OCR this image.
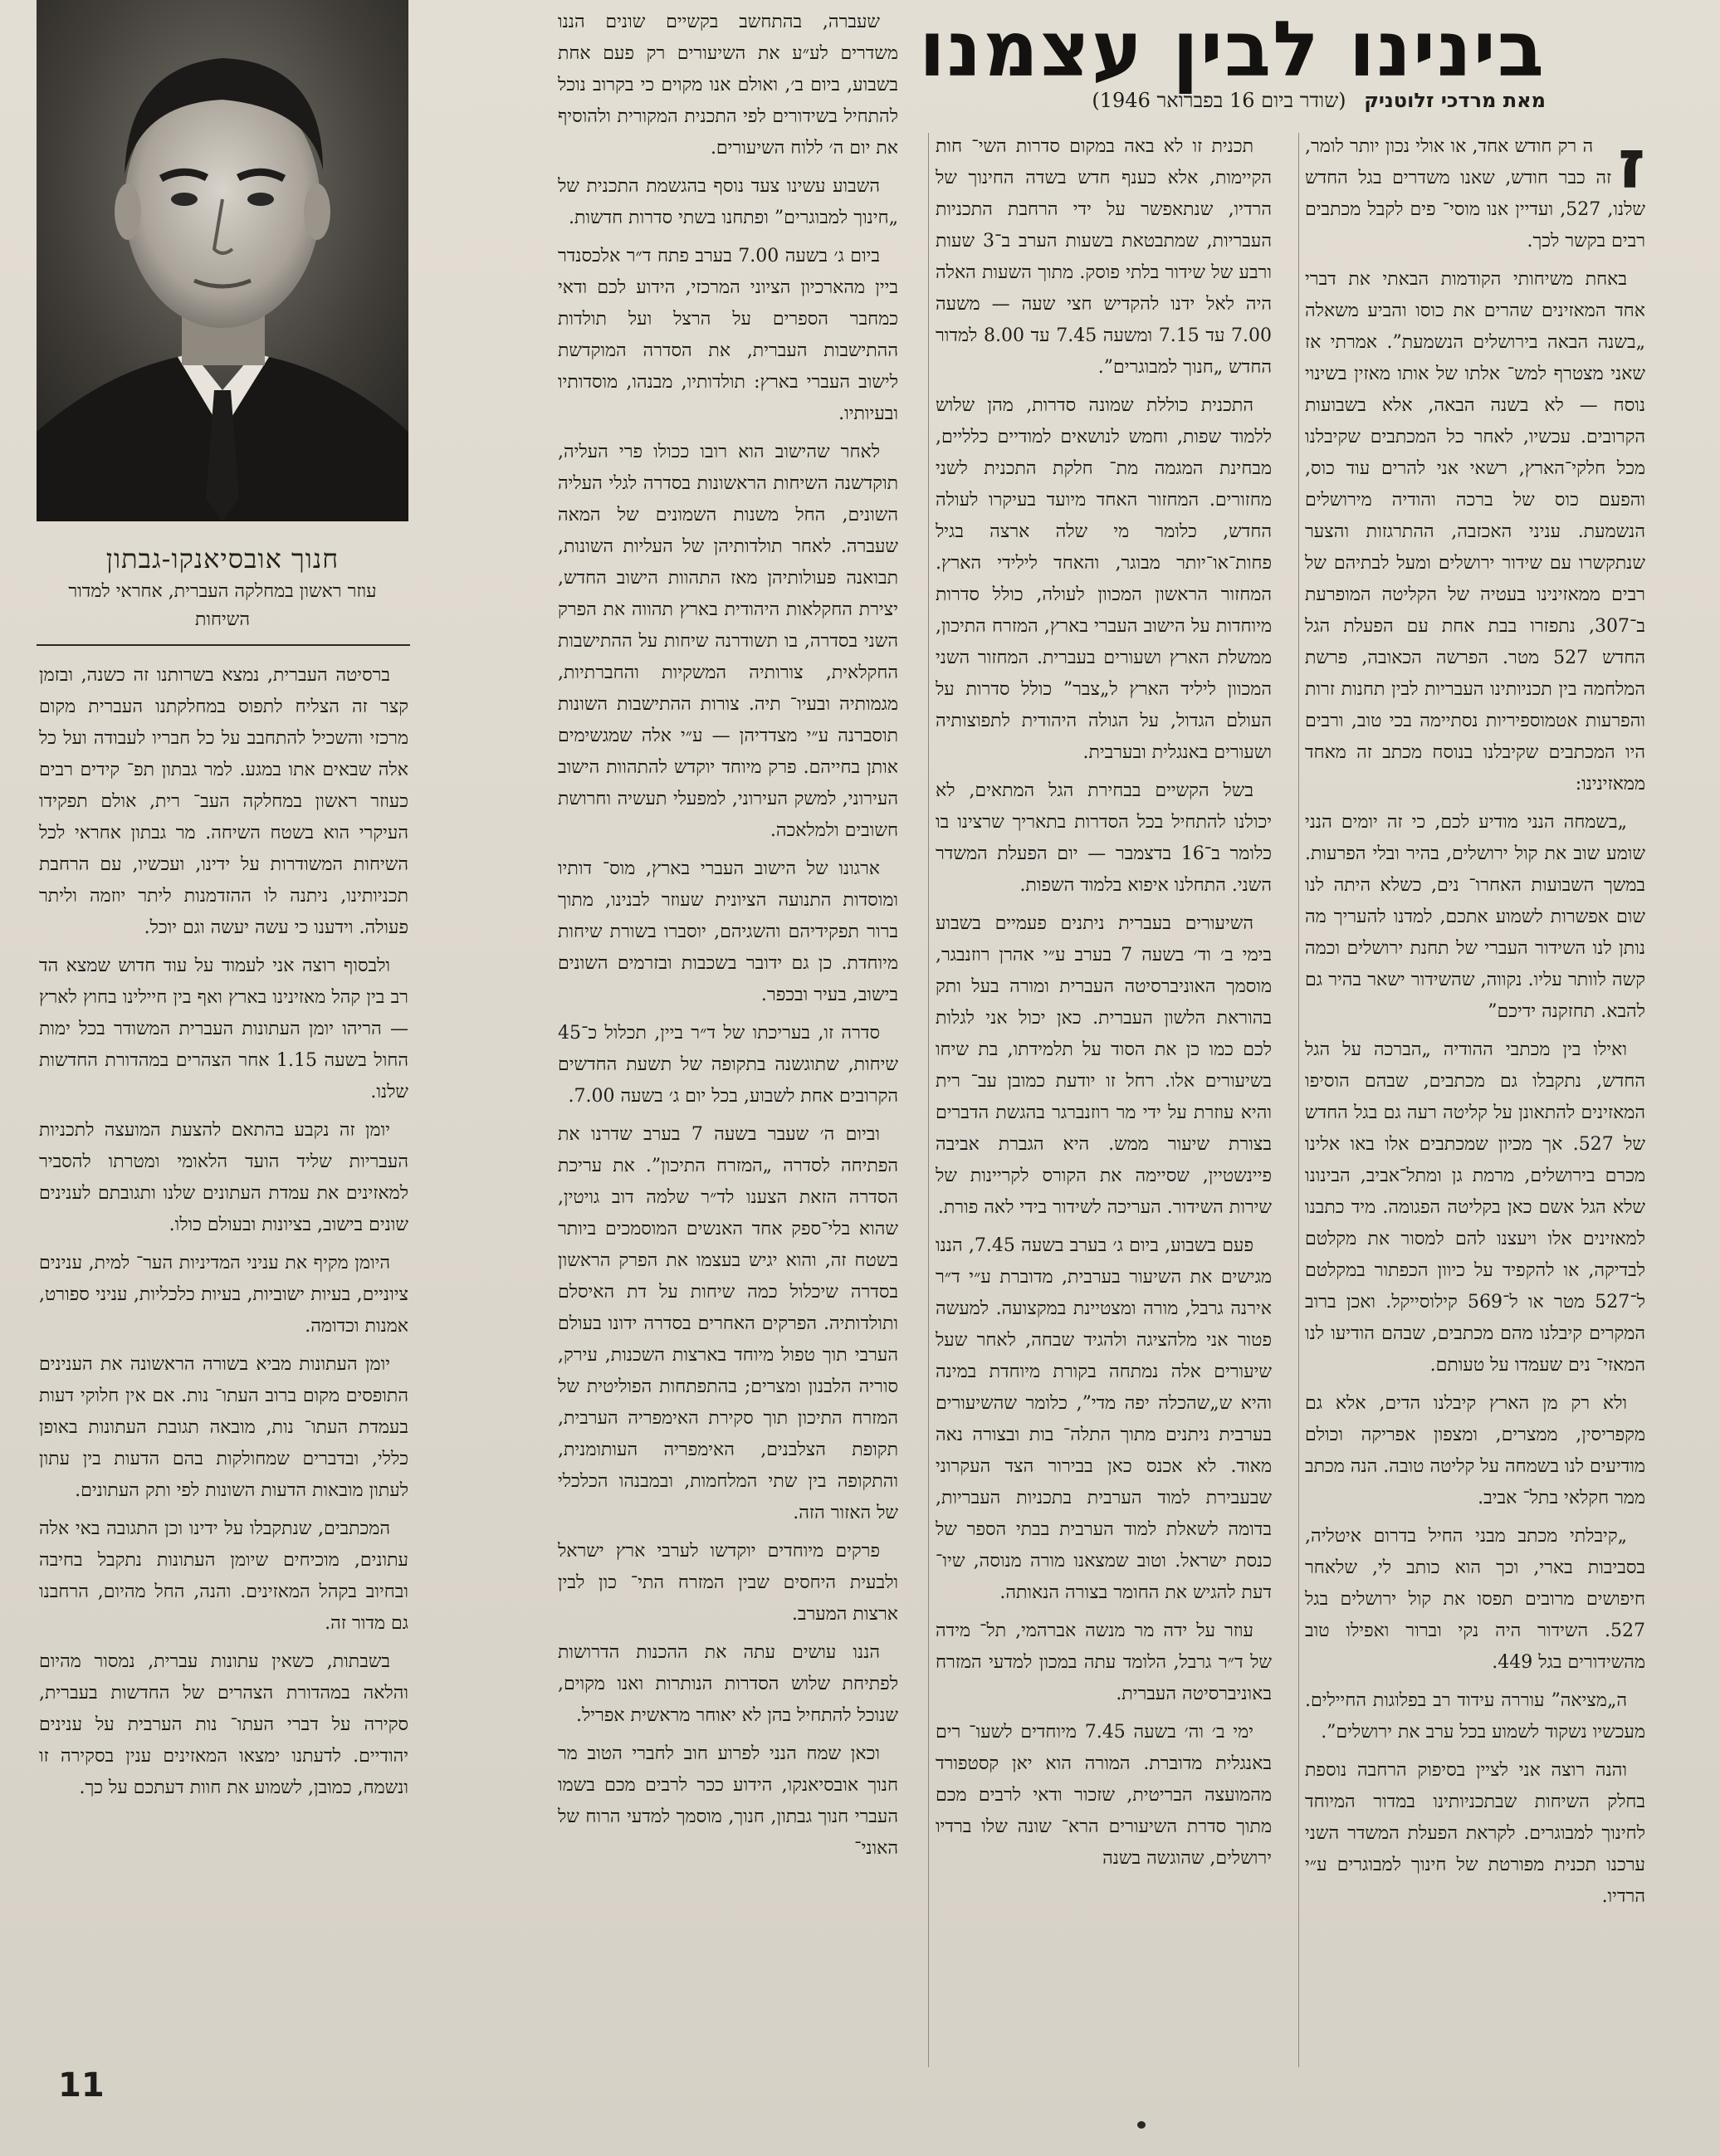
חנוך אובסיאנקו-גבתון
עוזר ראשון במחלקה העברית, אחראי למדור השיחות
בינינו לבין עצמנו
מאת מרדכי זלוטניק (שודר ביום 16 בפברואר 1946)
ז

ה רק חודש אחד, או אולי נכון יותר לומר, זה כבר חודש, שאנו משדרים בגל החדש שלנו, 527, ועדיין אנו מוסי־ פים לקבל מכתבים רבים בקשר לכך.

באחת משיחותי הקודמות הבאתי את דברי אחד המאזינים שהרים את כוסו והביע משאלה „בשנה הבאה בירושלים הנשמעת”. אמרתי אז שאני מצטרף למש־ אלתו של אותו מאזין בשינוי נוסח — לא בשנה הבאה, אלא בשבועות הקרובים. עכשיו, לאחר כל המכתבים שקיבלנו מכל חלקי־הארץ, רשאי אני להרים עוד כוס, והפעם כוס של ברכה והודיה מירושלים הנשמעת. עניני האכזבה, ההתרגזות והצער שנתקשרו עם שידור ירושלים ומעל לבתיהם של רבים ממאזינינו בעטיה של הקליטה המופרעת ב־307, נתפזרו בבת אחת עם הפעלת הגל החדש 527 מטר. הפרשה הכאובה, פרשת המלחמה בין תכניותינו העבריות לבין תחנות זרות והפרעות אטמוספיריות נסתיימה בכי טוב, ורבים היו המכתבים שקיבלנו בנוסח מכתב זה מאחד ממאזינינו:

„בשמחה הנני מודיע לכם, כי זה יומים הנני שומע שוב את קול ירושלים, בהיר ובלי הפרעות. במשך השבועות האחרו־ נים, כשלא היתה לנו שום אפשרות לשמוע אתכם, למדנו להעריך מה נותן לנו השידור העברי של תחנת ירושלים וכמה קשה לוותר עליו. נקווה, שהשידור ישאר בהיר גם להבא. תחזקנה ידיכם”

ואילו בין מכתבי ההודיה „הברכה על הגל החדש, נתקבלו גם מכתבים, שבהם הוסיפו המאזינים להתאונן על קליטה רעה גם בגל החדש של 527. אך מכיון שמכתבים אלו באו אלינו מכרם בירושלים, מרמת גן ומתל־אביב, הבינונו שלא הגל אשם כאן בקליטה הפגומה. מיד כתבנו למאזינים אלו ויעצנו להם למסור את מקלטם לבדיקה, או להקפיד על כיוון הכפתור במקלטם ל־527 מטר או ל־569 קילוסייקל. ואכן ברוב המקרים קיבלנו מהם מכתבים, שבהם הודיעו לנו המאזי־ נים שעמדו על טעותם.

ולא רק מן הארץ קיבלנו הדים, אלא גם מקפריסין, ממצרים, ומצפון אפריקה וכולם מודיעים לנו בשמחה על קליטה טובה. הנה מכתב ממר חקלאי בתל־ אביב.

„קיבלתי מכתב מבני החיל בדרום איטליה, בסביבות בארי, וכך הוא כותב לי, שלאחר חיפושים מרובים תפסו את קול ירושלים בגל 527. השידור היה נקי וברור ואפילו טוב מהשידורים בגל 449.

ה„מציאה” עוררה עידוד רב בפלוגות החיילים. מעכשיו נשקוד לשמוע בכל ערב את ירושלים”.

והנה רוצה אני לציין בסיפוק הרחבה נוספת בחלק השיחות שבתכניותינו במדור המיוחד לחינוך למבוגרים. לקראת הפעלת המשדר השני ערכנו תכנית מפורטת של חינוך למבוגרים ע״י הרדיו.

תכנית זו לא באה במקום סדרות השי־ חות הקיימות, אלא כענף חדש בשדה החינוך של הרדיו, שנתאפשר על ידי הרחבת התכניות העבריות, שמתבטאת בשעות הערב ב־3 שעות ורבע של שידור בלתי פוסק. מתוך השעות האלה היה לאל ידנו להקדיש חצי שעה — משעה 7.00 עד 7.15 ומשעה 7.45 עד 8.00 למדור החדש „חנוך למבוגרים”.

התכנית כוללת שמונה סדרות, מהן שלוש ללמוד שפות, וחמש לנושאים למודיים כלליים, מבחינת המגמה מת־ חלקת התכנית לשני מחזורים. המחזור האחד מיועד בעיקרו לעולה החדש, כלומר מי שלה ארצה בגיל פחות־או־יותר מבוגר, והאחד לילידי הארץ. המחזור הראשון המכוון לעולה, כולל סדרות מיוחדות על הישוב העברי בארץ, המזרח התיכון, ממשלת הארץ ושעורים בעברית. המחזור השני המכוון ליליד הארץ ל„צבר” כולל סדרות על העולם הגדול, על הגולה היהודית לתפוצותיה ושעורים באנגלית ובערבית.

בשל הקשיים בבחירת הגל המתאים, לא יכולנו להתחיל בכל הסדרות בתאריך שרצינו בו כלומר ב־16 בדצמבר — יום הפעלת המשדר השני. התחלנו איפוא בלמוד השפות.

השיעורים בעברית ניתנים פעמיים בשבוע בימי ב׳ וד׳ בשעה 7 בערב ע״י אהרן רוזנבגר, מוסמך האוניברסיטה העברית ומורה בעל ותק בהוראת הלשון העברית. כאן יכול אני לגלות לכם כמו כן את הסוד על תלמידתו, בת שיחו בשיעורים אלו. רחל זו יודעת כמובן עב־ רית והיא עוזרת על ידי מר רוזנברגר בהגשת הדברים בצורת שיעור ממש. היא הגברת אביבה פיינשטיין, שסיימה את הקורס לקריינות של שירות השידור. העריכה לשידור בידי לאה פורת.

פעם בשבוע, ביום ג׳ בערב בשעה 7.45, הננו מגישים את השיעור בערבית, מדוברת ע״י ד״ר אירנה גרבל, מורה ומצטיינת במקצועה. למעשה פטור אני מלהציגה ולהגיד שבחה, לאחר שעל שיעורים אלה נמתחה בקורת מיוחדת במינה והיא ש„שהכלה יפה מדי”, כלומר שהשיעורים בערבית ניתנים מתוך התלה־ בות ובצורה נאה מאוד. לא אכנס כאן בבירור הצד העקרוני שבעבירת למוד הערבית בתכניות העבריות, בדומה לשאלת למוד הערבית בבתי הספר של כנסת ישראל. וטוב שמצאנו מורה מנוסה, שיו־ דעת להגיש את החומר בצורה הנאותה.

עוזר על ידה מר מנשה אברהמי, תל־ מידה של ד״ר גרבל, הלומד עתה במכון למדעי המזרח באוניברסיטה העברית.

ימי ב׳ וה׳ בשעה 7.45 מיוחדים לשעו־ רים באנגלית מדוברת. המורה הוא יאן קסטפורד מהמועצה הבריטית, שזכור ודאי לרבים מכם מתוך סדרת השיעורים הרא־ שונה שלו ברדיו ירושלים, שהוגשה בשנה

שעברה, בהתחשב בקשיים שונים הננו משדרים לע״ע את השיעורים רק פעם אחת בשבוע, ביום ב׳, ואולם אנו מקוים כי בקרוב נוכל להתחיל בשידורים לפי התכנית המקורית ולהוסיף את יום ה׳ ללוח השיעורים.

השבוע עשינו צעד נוסף בהגשמת התכנית של „חינוך למבוגרים” ופתחנו בשתי סדרות חדשות.

ביום ג׳ בשעה 7.00 בערב פתח ד״ר אלכסנדר ביין מהארכיון הציוני המרכזי, הידוע לכם ודאי כמחבר הספרים על הרצל ועל תולדות ההתישבות העברית, את הסדרה המוקדשת לישוב העברי בארץ: תולדותיו, מבנהו, מוסדותיו ובעיותיו.

לאחר שהישוב הוא רובו ככולו פרי העליה, תוקדשנה השיחות הראשונות בסדרה לגלי העליה השונים, החל משנות השמונים של המאה שעברה. לאחר תולדותיהן של העליות השונות, תבואנה פעולותיהן מאז התהוות הישוב החדש, יצירת החקלאות היהודית בארץ תהווה את הפרק השני בסדרה, בו תשודרנה שיחות על ההתישבות החקלאית, צורותיה המשקיות והחברתיות, מגמותיה ובעיו־ תיה. צורות ההתישבות השונות תוסברנה ע״י מצדדיהן — ע״י אלה שמגשימים אותן בחייהם. פרק מיוחד יוקדש להתהוות הישוב העירוני, למשק העירוני, למפעלי תעשיה וחרושת חשובים ולמלאכה.

ארגונו של הישוב העברי בארץ, מוס־ דותיו ומוסדות התנועה הציונית שעוזר לבנינו, מתוך ברור תפקידיהם והשגיהם, יוסברו בשורת שיחות מיוחדת. כן גם ידובר בשכבות ובזרמים השונים בישוב, בעיר ובכפר.

סדרה זו, בעריכתו של ד״ר ביין, תכלול כ־45 שיחות, שתוגשנה בתקופה של תשעת החדשים הקרובים אחת לשבוע, בכל יום ג׳ בשעה 7.00.

וביום ה׳ שעבר בשעה 7 בערב שדרנו את הפתיחה לסדרה „המזרח התיכון”. את עריכת הסדרה הזאת הצענו לד״ר שלמה דוב גויטין, שהוא בלי־ספק אחד האנשים המוסמכים ביותר בשטח זה, והוא יגיש בעצמו את הפרק הראשון בסדרה שיכלול כמה שיחות על דת האיסלם ותולדותיה. הפרקים האחרים בסדרה ידונו בעולם הערבי תוך טפול מיוחד בארצות השכנות, עירק, סוריה הלבנון ומצרים; בהתפתחות הפוליטית של המזרח התיכון תוך סקירת האימפריה הערבית, תקופת הצלבנים, האימפריה העותומנית, והתקופה בין שתי המלחמות, ובמבנהו הכלכלי של האזור הזה.

פרקים מיוחדים יוקדשו לערבי ארץ ישראל ולבעית היחסים שבין המזרח התי־ כון לבין ארצות המערב.

הננו עושים עתה את ההכנות הדרושות לפתיחת שלוש הסדרות הנותרות ואנו מקוים, שנוכל להתחיל בהן לא יאוחר מראשית אפריל.

וכאן שמח הנני לפרוע חוב לחברי הטוב מר חנוך אובסיאנקו, הידוע ככר לרבים מכם בשמו העברי חנוך גבתון, חנוך, מוסמך למדעי הרוח של האוני־

ברסיטה העברית, נמצא בשרותנו זה כשנה, ובזמן קצר זה הצליח לתפוס במחלקתנו העברית מקום מרכזי והשכיל להתחבב על כל חבריו לעבודה ועל כל אלה שבאים אתו במגע. למר גבתון תפ־ קידים רבים כעוזר ראשון במחלקה העב־ רית, אולם תפקידו העיקרי הוא בשטח השיחה. מר גבתון אחראי לכל השיחות המשודרות על ידינו, ועכשיו, עם הרחבת תכניותינו, ניתנה לו ההזדמנות ליתר יוזמה וליתר פעולה. וידענו כי עשה יעשה וגם יוכל.

ולבסוף רוצה אני לעמוד על עוד חדוש שמצא הד רב בין קהל מאזינינו בארץ ואף בין חיילינו בחוץ לארץ — הריהו יומן העתונות העברית המשודר בכל ימות החול בשעה 1.15 אחר הצהרים במהדורת החדשות שלנו.

יומן זה נקבע בהתאם להצעת המועצה לתכניות העבריות שליד הועד הלאומי ומטרתו להסביר למאזינים את עמדת העתונים שלנו ותגובתם לענינים שונים בישוב, בציונות ובעולם כולו.

היומן מקיף את עניני המדיניות הער־ למית, ענינים ציוניים, בעיות ישוביות, בעיות כלכליות, עניני ספורט, אמנות וכדומה.

יומן העתונות מביא בשורה הראשונה את הענינים התופסים מקום ברוב העתו־ נות. אם אין חלוקי דעות בעמדת העתו־ נות, מובאה תגובת העתונות באופן כללי, ובדברים שמחולקות בהם הדעות בין עתון לעתון מובאות הדעות השונות לפי ותק העתונים.

המכתבים, שנתקבלו על ידינו וכן התגובה באי אלה עתונים, מוכיחים שיומן העתונות נתקבל בחיבה ובחיוב בקהל המאזינים. והנה, החל מהיום, הרחבנו גם מדור זה.

בשבתות, כשאין עתונות עברית, נמסור מהיום והלאה במהדורת הצהרים של החדשות בעברית, סקירה על דברי העתו־ נות הערבית על ענינים יהודיים. לדעתנו ימצאו המאזינים ענין בסקירה זו ונשמח, כמובן, לשמוע את חוות דעתכם על כך.

11
